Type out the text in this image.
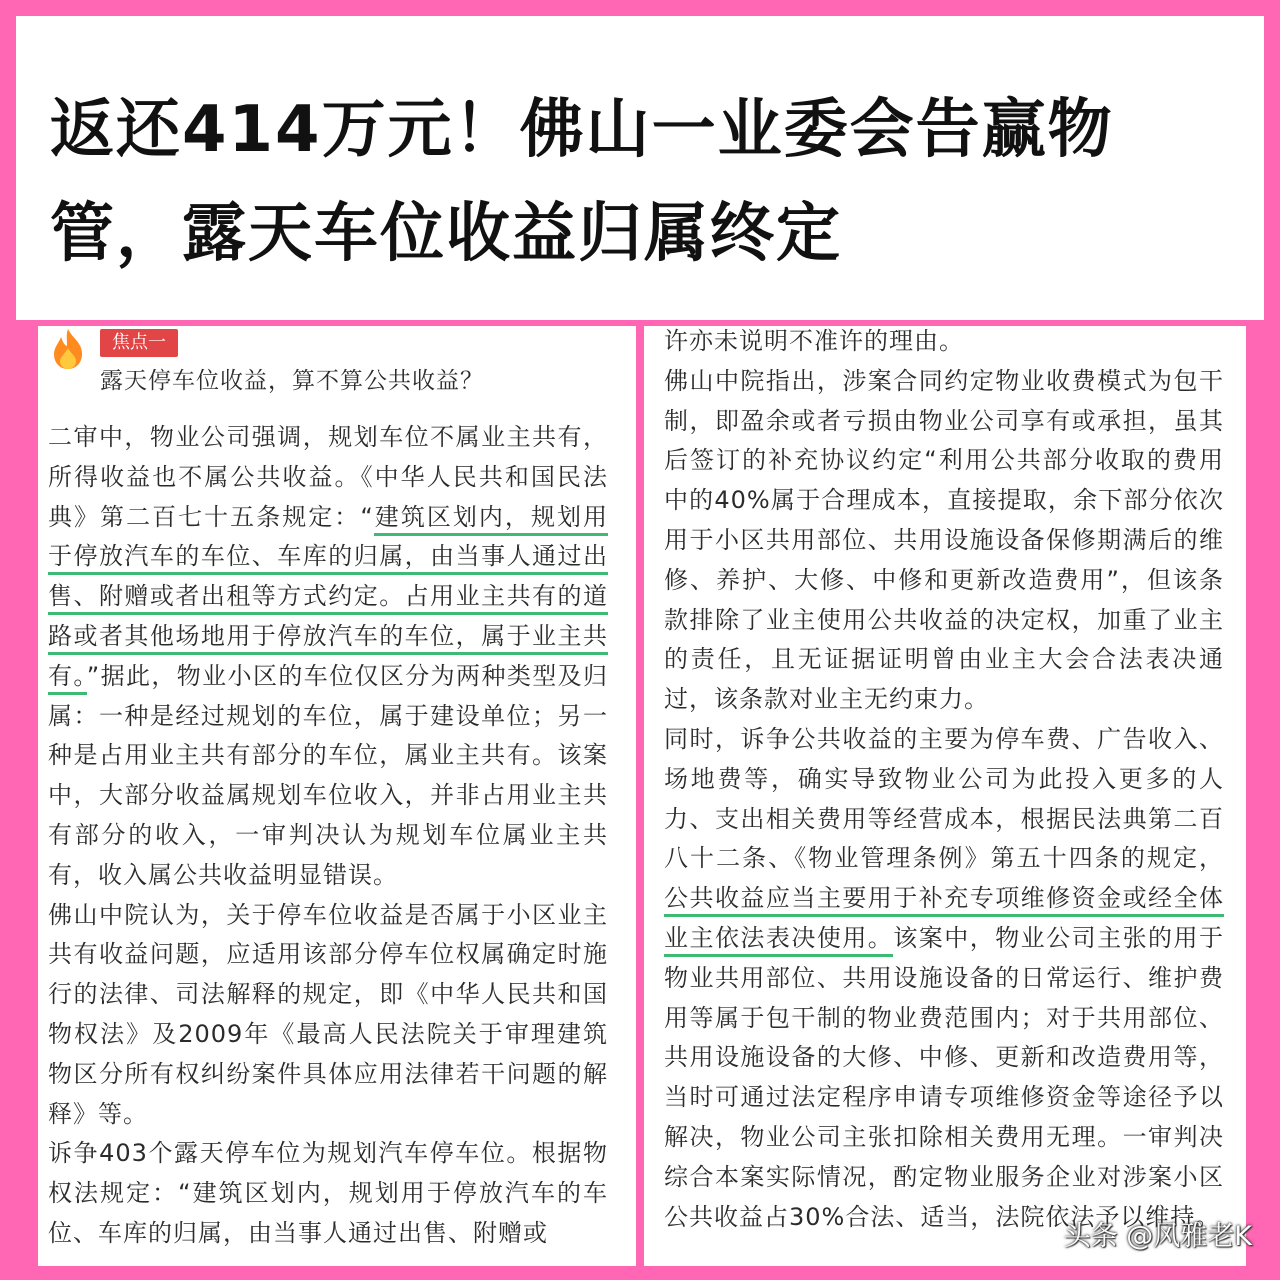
返还414万元！佛山一业委会告赢物管，露天车位收益归属终定
焦点一
露天停车位收益，算不算公共收益？

二审中，物业公司强调，规划车位不属业主共有，所得收益也不属公共收益。《中华人民共和国民法典》第二百七十五条规定：“建筑区划内，规划用于停放汽车的车位、车库的归属，由当事人通过出售、附赠或者出租等方式约定。占用业主共有的道路或者其他场地用于停放汽车的车位，属于业主共有。”据此，物业小区的车位仅区分为两种类型及归属：一种是经过规划的车位，属于建设单位；另一种是占用业主共有部分的车位，属业主共有。该案中，大部分收益属规划车位收入，并非占用业主共有部分的收入，一审判决认为规划车位属业主共有，收入属公共收益明显错误。

佛山中院认为，关于停车位收益是否属于小区业主共有收益问题，应适用该部分停车位权属确定时施行的法律、司法解释的规定，即《中华人民共和国物权法》及2009年《最高人民法院关于审理建筑物区分所有权纠纷案件具体应用法律若干问题的解释》等。

诉争403个露天停车位为规划汽车停车位。根据物权法规定：“建筑区划内，规划用于停放汽车的车位、车库的归属，由当事人通过出售、附赠或

许亦未说明不准许的理由。

佛山中院指出，涉案合同约定物业收费模式为包干制，即盈余或者亏损由物业公司享有或承担，虽其后签订的补充协议约定“利用公共部分收取的费用中的40%属于合理成本，直接提取，余下部分依次用于小区共用部位、共用设施设备保修期满后的维修、养护、大修、中修和更新改造费用”，但该条款排除了业主使用公共收益的决定权，加重了业主的责任，且无证据证明曾由业主大会合法表决通过，该条款对业主无约束力。

同时，诉争公共收益的主要为停车费、广告收入、场地费等，确实导致物业公司为此投入更多的人力、支出相关费用等经营成本，根据民法典第二百八十二条、《物业管理条例》第五十四条的规定，公共收益应当主要用于补充专项维修资金或经全体业主依法表决使用。该案中，物业公司主张的用于物业共用部位、共用设施设备的日常运行、维护费用等属于包干制的物业费范围内；对于共用部位、共用设施设备的大修、中修、更新和改造费用等，当时可通过法定程序申请专项维修资金等途径予以解决，物业公司主张扣除相关费用无理。一审判决综合本案实际情况，酌定物业服务企业对涉案小区公共收益占30%合法、适当，法院依法予以维持。

头条 @风雅老K
